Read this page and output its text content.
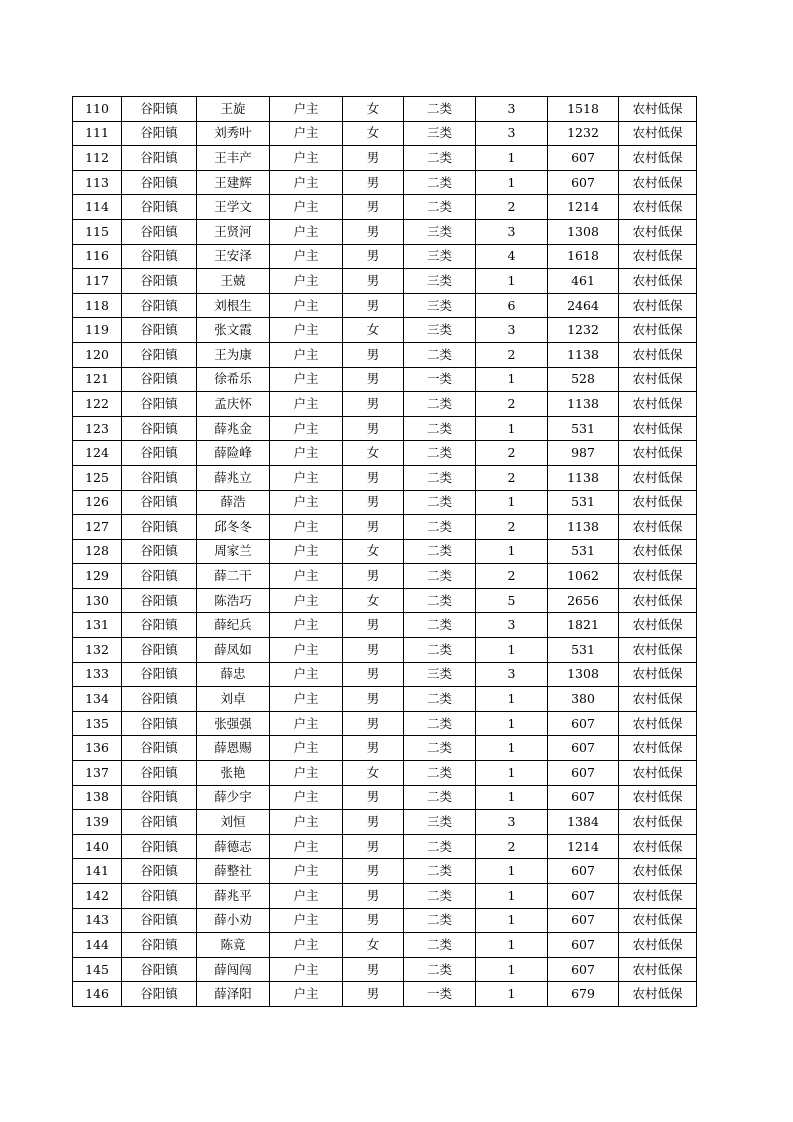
110	谷阳镇	王旋	户主	女	二类	3	1518	农村低保
111	谷阳镇	刘秀叶	户主	女	三类	3	1232	农村低保
112	谷阳镇	王丰产	户主	男	二类	1	607	农村低保
113	谷阳镇	王建辉	户主	男	二类	1	607	农村低保
114	谷阳镇	王学文	户主	男	二类	2	1214	农村低保
115	谷阳镇	王贤河	户主	男	三类	3	1308	农村低保
116	谷阳镇	王安泽	户主	男	三类	4	1618	农村低保
117	谷阳镇	王兢	户主	男	三类	1	461	农村低保
118	谷阳镇	刘根生	户主	男	三类	6	2464	农村低保
119	谷阳镇	张文霞	户主	女	三类	3	1232	农村低保
120	谷阳镇	王为康	户主	男	二类	2	1138	农村低保
121	谷阳镇	徐希乐	户主	男	一类	1	528	农村低保
122	谷阳镇	孟庆怀	户主	男	二类	2	1138	农村低保
123	谷阳镇	薛兆金	户主	男	二类	1	531	农村低保
124	谷阳镇	薛险峰	户主	女	二类	2	987	农村低保
125	谷阳镇	薛兆立	户主	男	二类	2	1138	农村低保
126	谷阳镇	薛浩	户主	男	二类	1	531	农村低保
127	谷阳镇	邱冬冬	户主	男	二类	2	1138	农村低保
128	谷阳镇	周家兰	户主	女	二类	1	531	农村低保
129	谷阳镇	薛二干	户主	男	二类	2	1062	农村低保
130	谷阳镇	陈浩巧	户主	女	二类	5	2656	农村低保
131	谷阳镇	薛纪兵	户主	男	二类	3	1821	农村低保
132	谷阳镇	薛凤如	户主	男	二类	1	531	农村低保
133	谷阳镇	薛忠	户主	男	三类	3	1308	农村低保
134	谷阳镇	刘卓	户主	男	二类	1	380	农村低保
135	谷阳镇	张强强	户主	男	二类	1	607	农村低保
136	谷阳镇	薛恩赐	户主	男	二类	1	607	农村低保
137	谷阳镇	张艳	户主	女	二类	1	607	农村低保
138	谷阳镇	薛少宇	户主	男	二类	1	607	农村低保
139	谷阳镇	刘恒	户主	男	三类	3	1384	农村低保
140	谷阳镇	薛德志	户主	男	二类	2	1214	农村低保
141	谷阳镇	薛整社	户主	男	二类	1	607	农村低保
142	谷阳镇	薛兆平	户主	男	二类	1	607	农村低保
143	谷阳镇	薛小劝	户主	男	二类	1	607	农村低保
144	谷阳镇	陈竟	户主	女	二类	1	607	农村低保
145	谷阳镇	薛闯闯	户主	男	二类	1	607	农村低保
146	谷阳镇	薛泽阳	户主	男	一类	1	679	农村低保
